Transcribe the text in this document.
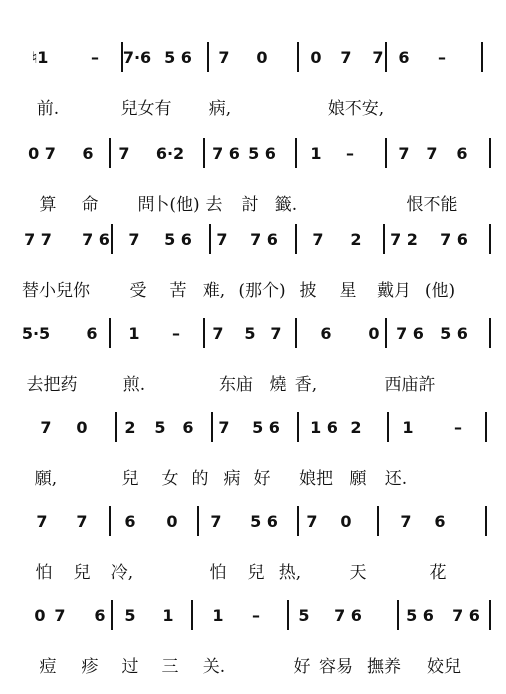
♮1	– 7·6 5 6 7 0	0 7 7 6 –
前.	兒女有 病,	娘不安,
0 7 6 7 6·2 7 6 5 6 1 –	7 7 6
算 命 問
卜(他) 去 討 籤.	恨不能
7 7 7 6 7 5 6 7 7 6 7 2 7 2 7 6
替小兒你 受 苦 难, (那个) 披 星 戴月 (他)
5·5 6 1 – 7 5 7 6 0 7 6 5 6
去把药	煎.	东庙 燒 香,	西庙許
7 0 2 5 6 7 5 6 1 6 2	1	–
願,	兒 女 的 病 好 娘把 願 还.
7 7 6 0 7 5 6 7 0	7 6
怕 兒 冷,	怕 兒 热,	天	花
0 7 6 5 1 1 – 5 7 6	5 6 7 6
痘 疹 过 三 关.	好 容易 撫养 姣兒
